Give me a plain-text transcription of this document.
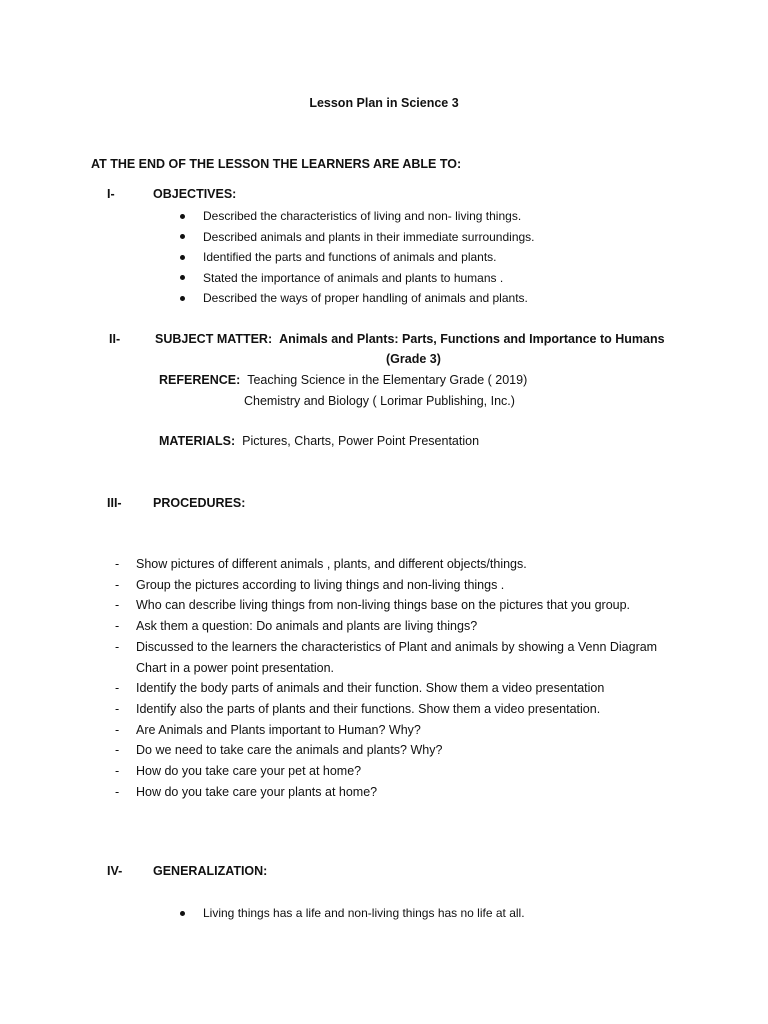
Lesson Plan in Science 3
AT THE END OF THE LESSON THE LEARNERS ARE ABLE TO:
I-	OBJECTIVES:
Described the characteristics of living and non- living things.
Described animals and plants in their immediate surroundings.
Identified the parts and functions of animals and plants.
Stated the importance of animals and plants to humans .
Described the ways of proper handling of animals and plants.
II-	SUBJECT MATTER: Animals and Plants: Parts, Functions and Importance to Humans
(Grade 3)
REFERENCE: Teaching Science in the Elementary Grade ( 2019)
Chemistry and Biology ( Lorimar Publishing, Inc.)
MATERIALS: Pictures, Charts, Power Point Presentation
III-	PROCEDURES:
- Show pictures of different animals , plants, and different objects/things.
- Group the pictures according to living things and non-living things .
- Who can describe living things from non-living things base on the pictures that you group.
- Ask them a question: Do animals and plants are living things?
- Discussed to the learners the characteristics of Plant and animals by showing a Venn Diagram Chart in a power point presentation.
- Identify the body parts of animals and their function. Show them a video presentation
- Identify also the parts of plants and their functions. Show them a video presentation.
- Are Animals and Plants important to Human? Why?
- Do we need to take care the animals and plants? Why?
- How do you take care your pet at home?
- How do you take care your plants at home?
IV- GENERALIZATION:
Living things has a life and non-living things has no life at all.
